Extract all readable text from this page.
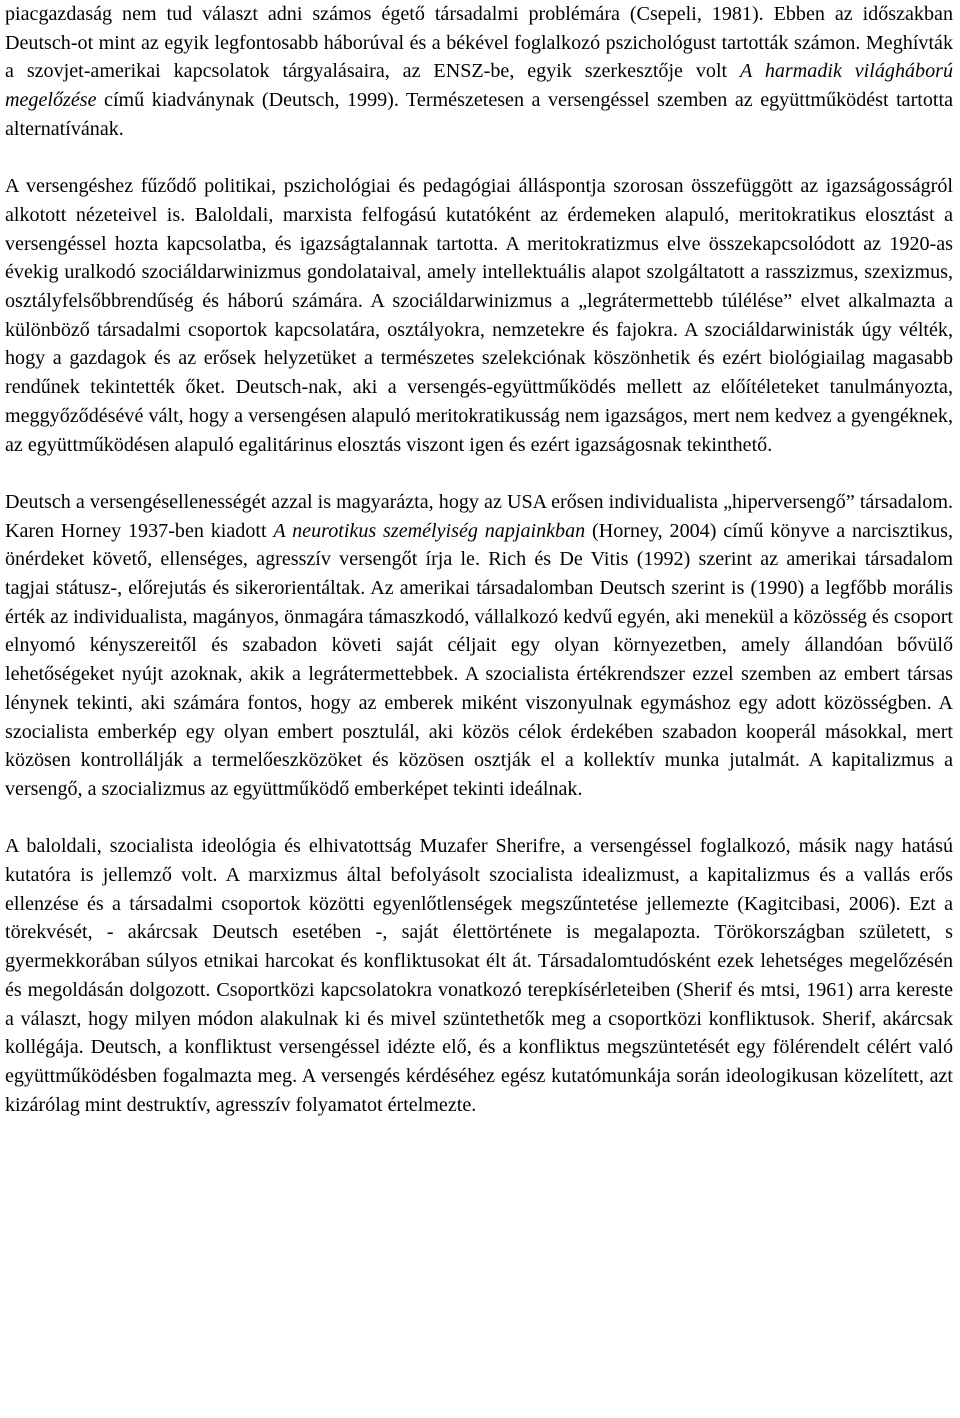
piacgazdaság nem tud választ adni számos égető társadalmi problémára (Csepeli, 1981). Ebben az időszakban Deutsch-ot mint az egyik legfontosabb háborúval és a békével foglalkozó pszichológust tartották számon. Meghívták a szovjet-amerikai kapcsolatok tárgyalásaira, az ENSZ-be, egyik szerkesztője volt A harmadik világháború megelőzése című kiadványnak (Deutsch, 1999). Természetesen a versengéssel szemben az együttműködést tartotta alternatívának.

A versengéshez fűződő politikai, pszichológiai és pedagógiai álláspontja szorosan összefüggött az igazságosságról alkotott nézeteivel is. Baloldali, marxista felfogású kutatóként az érdemeken alapuló, meritokratikus elosztást a versengéssel hozta kapcsolatba, és igazságtalannak tartotta. A meritokratizmus elve összekapcsolódott az 1920-as évekig uralkodó szociáldarwinizmus gondolataival, amely intellektuális alapot szolgáltatott a rasszizmus, szexizmus, osztályfelsőbbrendűség és háború számára. A szociáldarwinizmus a „legrátermettebb túlélése” elvet alkalmazta a különböző társadalmi csoportok kapcsolatára, osztályokra, nemzetekre és fajokra. A szociáldarwinisták úgy vélték, hogy a gazdagok és az erősek helyzetüket a természetes szelekciónak köszönhetik és ezért biológiailag magasabb rendűnek tekintették őket. Deutsch-nak, aki a versengés-együttműködés mellett az előítéleteket tanulmányozta, meggyőződésévé vált, hogy a versengésen alapuló meritokratikusság nem igazságos, mert nem kedvez a gyengéknek, az együttműködésen alapuló egalitárinus elosztás viszont igen és ezért igazságosnak tekinthető.

Deutsch a versengésellenességét azzal is magyarázta, hogy az USA erősen individualista „hiperversengő” társadalom. Karen Horney 1937-ben kiadott A neurotikus személyiség napjainkban (Horney, 2004) című könyve a narcisztikus, önérdeket követő, ellenséges, agresszív versengőt írja le. Rich és De Vitis (1992) szerint az amerikai társadalom tagjai státusz-, előrejutás és sikerorientáltak. Az amerikai társadalomban Deutsch szerint is (1990) a legfőbb morális érték az individualista, magányos, önmagára támaszkodó, vállalkozó kedvű egyén, aki menekül a közösség és csoport elnyomó kényszereitől és szabadon követi saját céljait egy olyan környezetben, amely állandóan bővülő lehetőségeket nyújt azoknak, akik a legrátermettebbek. A szocialista értékrendszer ezzel szemben az embert társas lénynek tekinti, aki számára fontos, hogy az emberek miként viszonyulnak egymáshoz egy adott közösségben. A szocialista emberkép egy olyan embert posztulál, aki közös célok érdekében szabadon kooperál másokkal, mert közösen kontrollálják a termelőeszközöket és közösen osztják el a kollektív munka jutalmát. A kapitalizmus a versengő, a szocializmus az együttműködő emberképet tekinti ideálnak.

A baloldali, szocialista ideológia és elhivatottság Muzafer Sherifre, a versengéssel foglalkozó, másik nagy hatású kutatóra is jellemző volt. A marxizmus által befolyásolt szocialista idealizmust, a kapitalizmus és a vallás erős ellenzése és a társadalmi csoportok közötti egyenlőtlenségek megszűntetése jellemezte (Kagitcibasi, 2006). Ezt a törekvését, - akárcsak Deutsch esetében -, saját élettörténete is megalapozta. Törökországban született, s gyermekkorában súlyos etnikai harcokat és konfliktusokat élt át. Társadalomtudósként ezek lehetséges megelőzésén és megoldásán dolgozott. Csoportközi kapcsolatokra vonatkozó terepkísérleteiben (Sherif és mtsi, 1961) arra kereste a választ, hogy milyen módon alakulnak ki és mivel szüntethetők meg a csoportközi konfliktusok. Sherif, akárcsak kollégája. Deutsch, a konfliktust versengéssel idézte elő, és a konfliktus megszüntetését egy fölérendelt célért való együttműködésben fogalmazta meg. A versengés kérdéséhez egész kutatómunkája során ideologikusan közelített, azt kizárólag mint destruktív, agresszív folyamatot értelmezte.
